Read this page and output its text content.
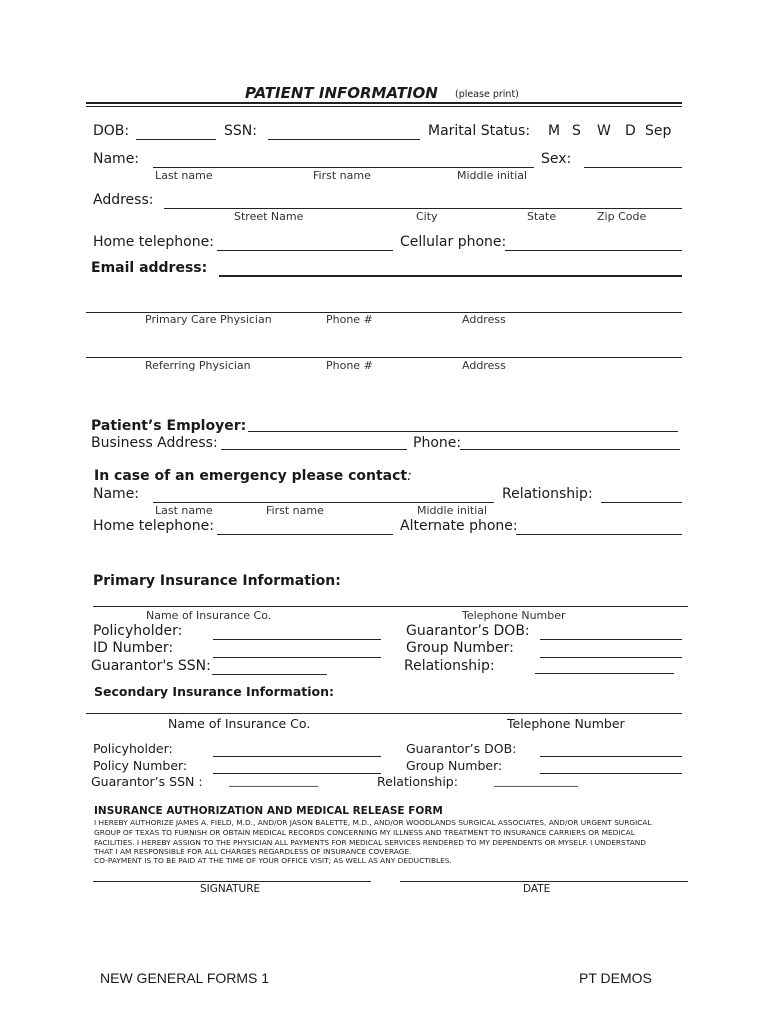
PATIENT INFORMATION (please print)
DOB:	SSN:	Marital Status: M S W D Sep
Name:	Sex:
Last name	First name	Middle initial
Address:
Street Name	City	State	Zip Code
Home telephone:	Cellular phone:
Email address:
Primary Care Physician	Phone #	Address
Referring Physician	Phone #	Address
Patient’s Employer:
Business Address:	Phone:
In case of an emergency please contact:
Name:	Relationship:
Last name	First name	Middle initial
Home telephone:	Alternate phone:
Primary Insurance Information:
Name of Insurance Co.	Telephone Number
Policyholder:	Guarantor’s DOB:
ID Number:	Group Number:
Guarantor's SSN: _________________	Relationship:
Secondary Insurance Information:
Name of Insurance Co.	Telephone Number
Policyholder:	Guarantor’s DOB:
Policy Number:	Group Number:
Guarantor’s SSN :	_________________	Relationship:	________________
INSURANCE AUTHORIZATION AND MEDICAL RELEASE FORM
I HEREBY AUTHORIZE JAMES A. FIELD, M.D., AND/OR JASON BALETTE, M.D., AND/OR WOODLANDS SURGICAL ASSOCIATES, AND/OR URGENT SURGICAL
GROUP OF TEXAS TO FURNISH OR OBTAIN MEDICAL RECORDS CONCERNING MY ILLNESS AND TREATMENT TO INSURANCE CARRIERS OR MEDICAL
FACILITIES. I HEREBY ASSIGN TO THE PHYSICIAN ALL PAYMENTS FOR MEDICAL SERVICES RENDERED TO MY DEPENDENTS OR MYSELF. I UNDERSTAND
THAT I AM RESPONSIBLE FOR ALL CHARGES REGARDLESS OF INSURANCE COVERAGE.
CO-PAYMENT IS TO BE PAID AT THE TIME OF YOUR OFFICE VISIT; AS WELL AS ANY DEDUCTIBLES.
SIGNATURE	DATE
NEW GENERAL FORMS 1	PT DEMOS
